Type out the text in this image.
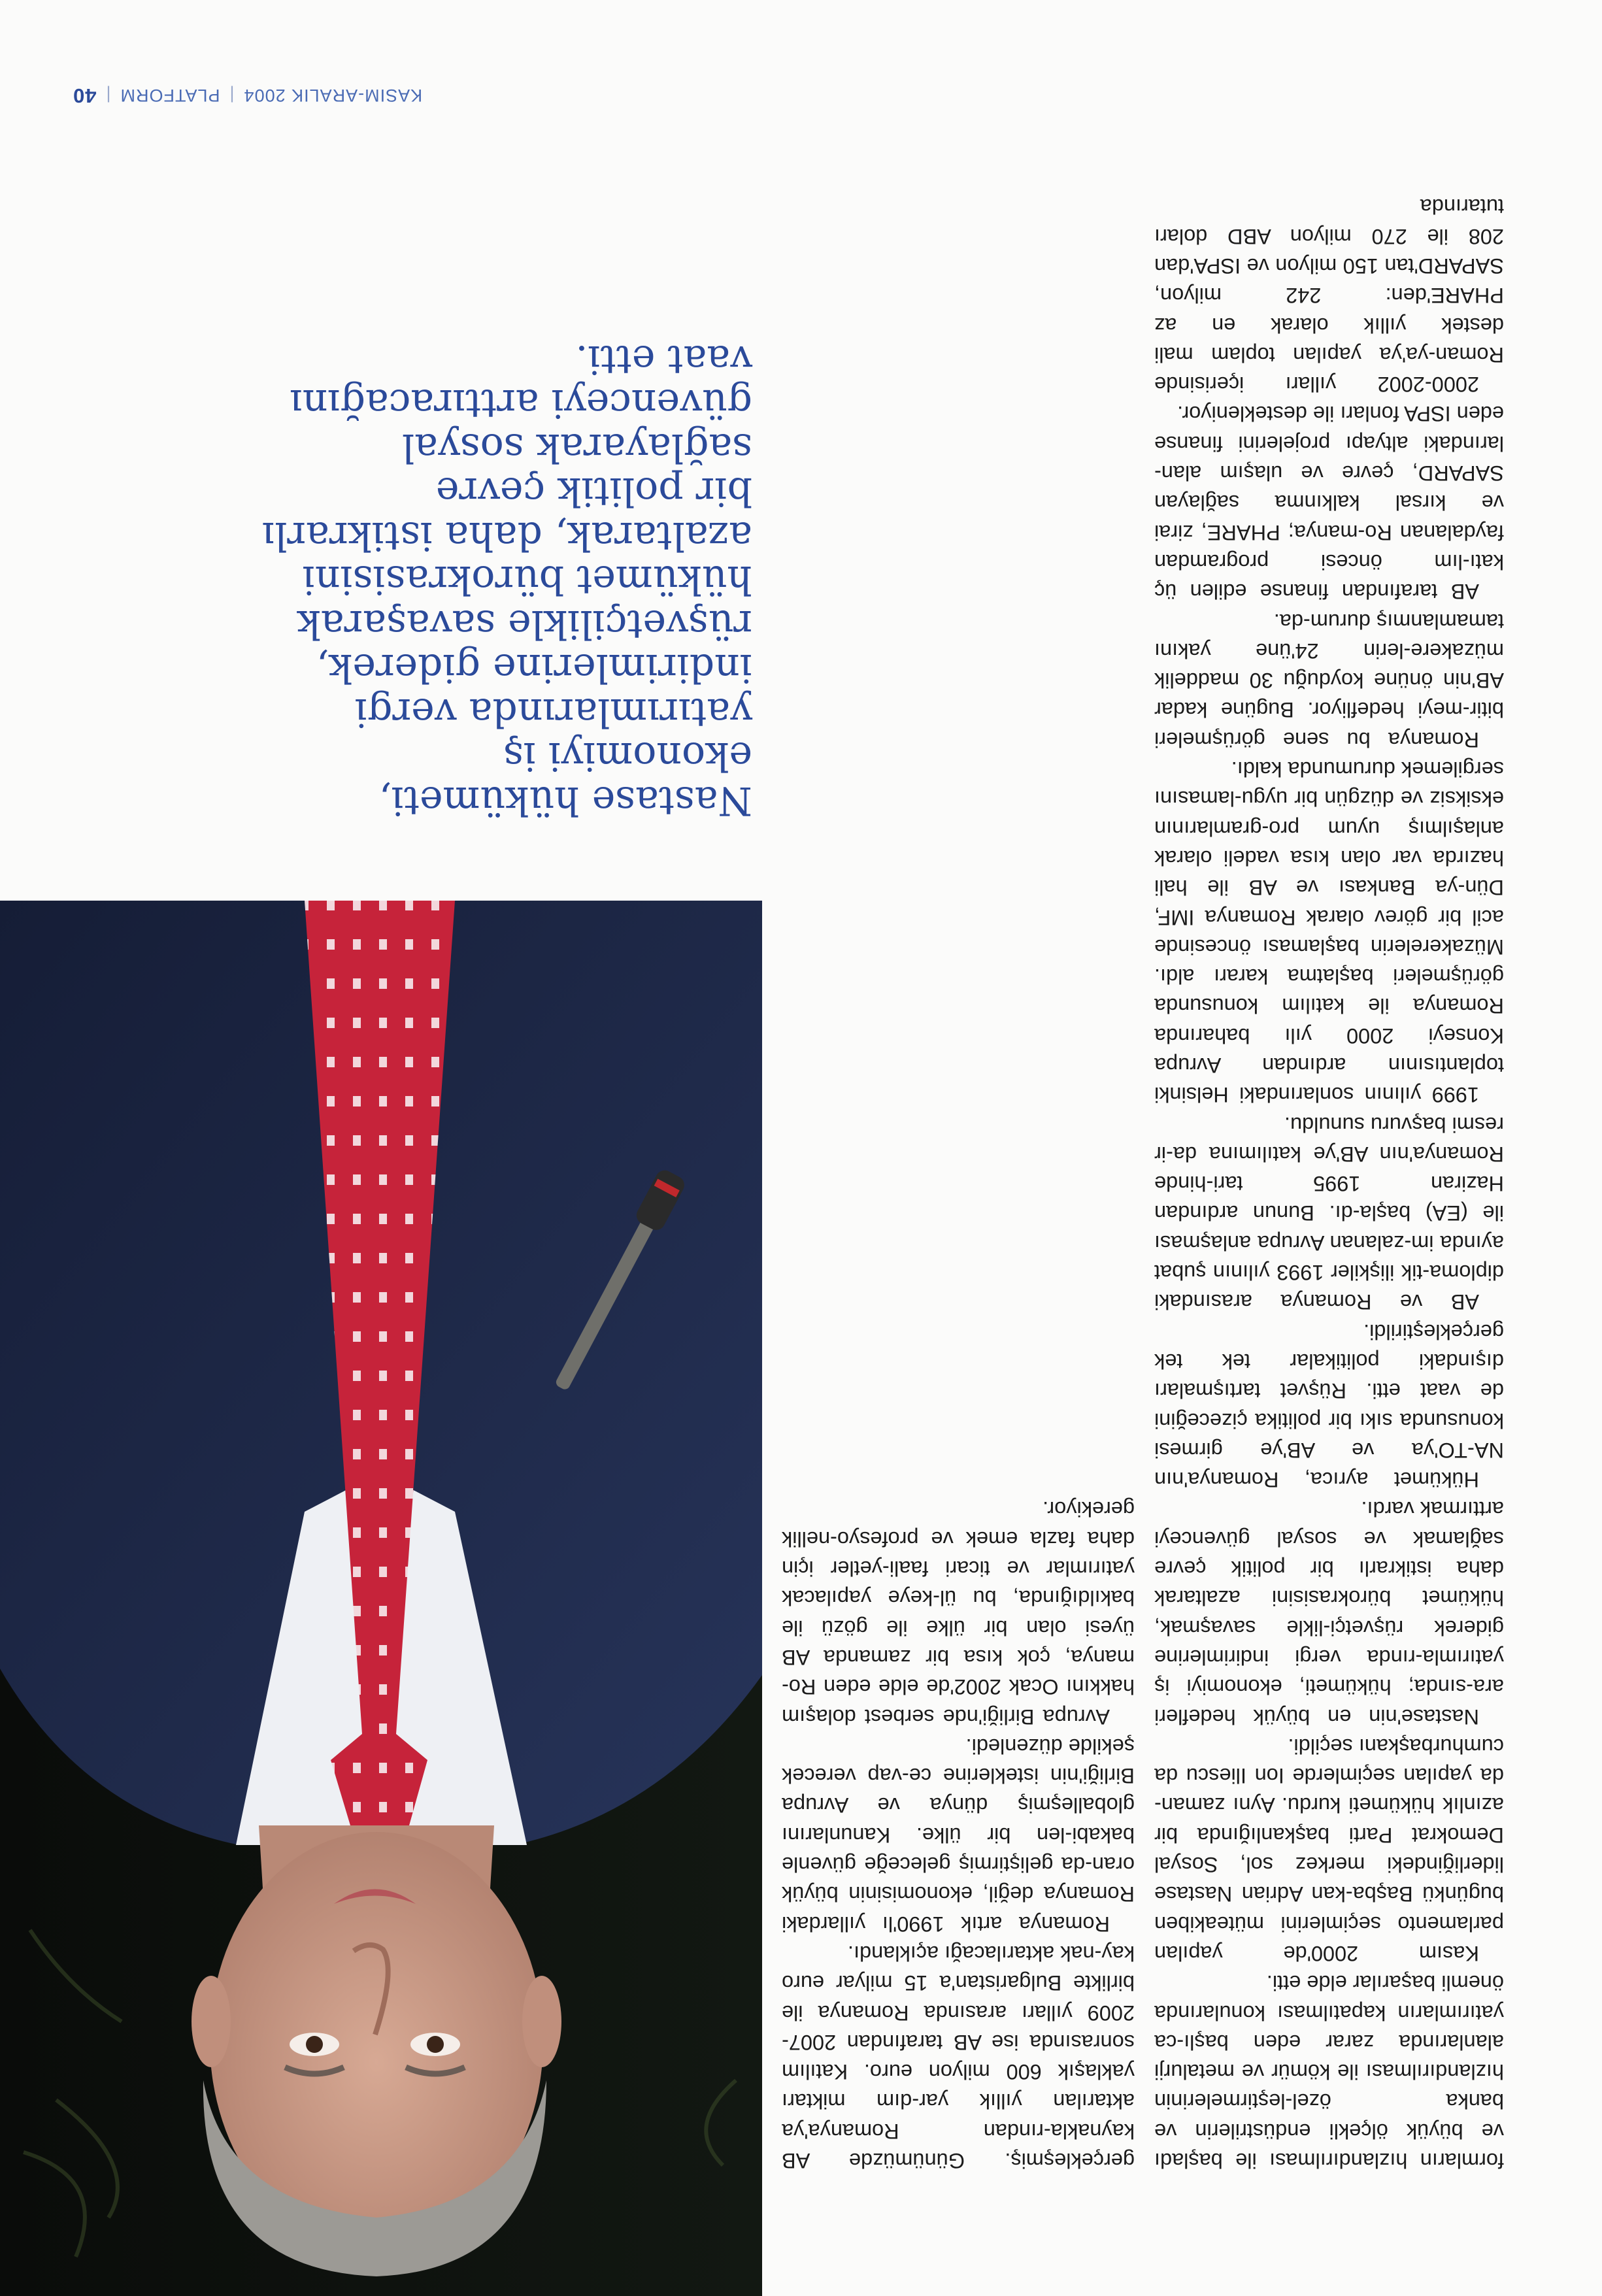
formların hızlandırılması ile başladı ve büyük ölçekli endüstrilerin ve banka özel-leştirmelerinin hızlandırılması ile kömür ve metalurji alanlarında zarar eden başlı-ca yatırımların kapatılması konularında önemli başarılar elde etti.

Kasım 2000'de yapılan parlamento seçimlerini müteakiben bugünkü Başba-kan Adrian Nastase liderliğindeki merkez sol, Sosyal Demokrat Parti başkanlığında bir azınlık hükümeti kurdu. Aynı zaman-da yapılan seçimlerde Ion Iliescu da cumhurbaşkanı seçildi.

Nastase'nin en büyük hedefleri ara-sında; hükümeti, ekonomiyi iş yatırımla-rında vergi indirimlerine giderek rüşvetçi-likle savaşmak, hükümet bürokrasisini azaltarak daha istikrarlı bir politik çevre sağlamak ve sosyal güvenceyi arttırmak vardı.

Hükümet ayrıca, Romanya'nın NA-TO'ya ve AB'ye girmesi konusunda sıkı bir politika çizeceğini de vaat etti. Rüşvet tartışmaları dışındaki politikalar tek tek gerçekleştirildi.

AB ve Romanya arasındaki diploma-tik ilişkiler 1993 yılının şubat ayında im-zalanan Avrupa anlaşması ile (EA) başla-dı. Bunun ardından Haziran 1995 tari-hinde Romanya'nın AB'ye katılımına da-ir resmi başvuru sunuldu.

1999 yılının sonlarındaki Helsinki toplantısının ardından Avrupa Konseyi 2000 yılı baharında Romanya ile katılım konusunda görüşmeleri başlatma kararı aldı. Müzakerelerin başlaması öncesinde acil bir görev olarak Romanya IMF, Dün-ya Bankası ve AB ile hali hazırda var olan kısa vadeli olarak anlaşılmış uyum pro-gramlarının eksiksiz ve düzgün bir uygu-lamasını sergilemek durumunda kaldı.

Romanya bu sene görüşmeleri bitir-meyi hedefliyor. Bugüne kadar AB'nin önüne koyduğu 30 maddelik müzakere-lerin 24'üne yakını tamamlanmış durum-da.

AB tarafından finanse edilen üç katı-lım öncesi programdan faydalanan Ro-manya; PHARE, zirai ve kırsal kalkınma sağlayan SAPARD, çevre ve ulaşım alan-larındaki altyapı projelerini finanse eden ISPA fonları ile destekleniyor.

2000-2002 yılları içerisinde Roman-ya'ya yapılan toplam mali destek yıllık olarak en az PHARE'den: 242 milyon, SAPARD'tan 150 milyon ve ISPA'dan 208 ile 270 milyon ABD doları tutarında

gerçekleşmiş. Günümüzde AB kaynakla-rından Romanya'ya aktarılan yıllık yar-dım miktarı yaklaşık 600 milyon euro. Katılım sonrasında ise AB tarafından 2007-2009 yılları arasında Romanya ile birlikte Bulgaristan'a 15 milyar euro kay-nak aktarılacağı açıklandı.

Romanya artık 1990'lı yıllardaki Romanya değil, ekonomisinin büyük oran-da geliştirmiş geleceğe güvenle bakabi-len bir ülke. Kanunlarını globalleşmiş dünya ve Avrupa Birliği'nin isteklerine ce-vap verecek şekilde düzenledi.

Avrupa Birliği'nde serbest dolaşım hakkını Ocak 2002'de elde eden Ro-manya, çok kısa bir zamanda AB üyesi olan bir ülke ile gözü ile bakıldığında, bu ül-keye yapılacak yatırımlar ve ticari faali-yetler için daha fazla emek ve profesyo-nellik gerekiyor.

Nastase hükümeti, ekonomiyi iş yatırımlarında vergi indirimlerine giderek, rüşvetçilikle savaşarak hükümet bürokrasisini azaltarak, daha istikrarlı bir politik çevre sağlayarak sosyal güvenceyi arttıracağını vaat etti.
KASIM-ARALIK 2004
|
PLATFORM
|
40
